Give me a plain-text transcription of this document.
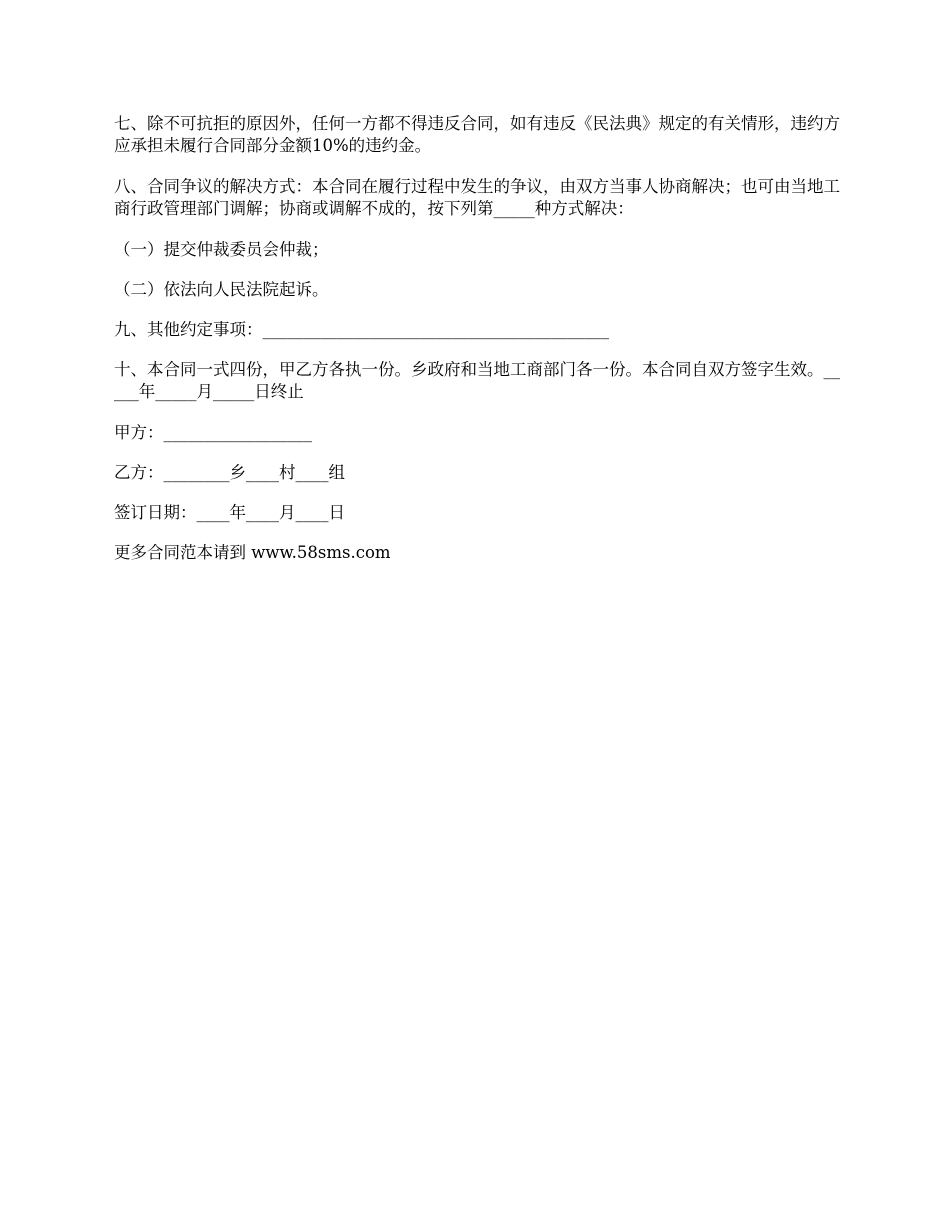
七、除不可抗拒的原因外，任何一方都不得违反合同，如有违反《民法典》规定的有关情形，违约方应承担未履行合同部分金额10%的违约金。

八、合同争议的解决方式：本合同在履行过程中发生的争议，由双方当事人协商解决；也可由当地工商行政管理部门调解；协商或调解不成的，按下列第_____种方式解决：

（一）提交仲裁委员会仲裁；

（二）依法向人民法院起诉。

九、其他约定事项：__________________________________________

十、本合同一式四份，甲乙方各执一份。乡政府和当地工商部门各一份。本合同自双方签字生效。_____年_____月_____日终止

甲方：__________________

乙方：________乡____村____组

签订日期：____年____月____日

更多合同范本请到 www.58sms.com
